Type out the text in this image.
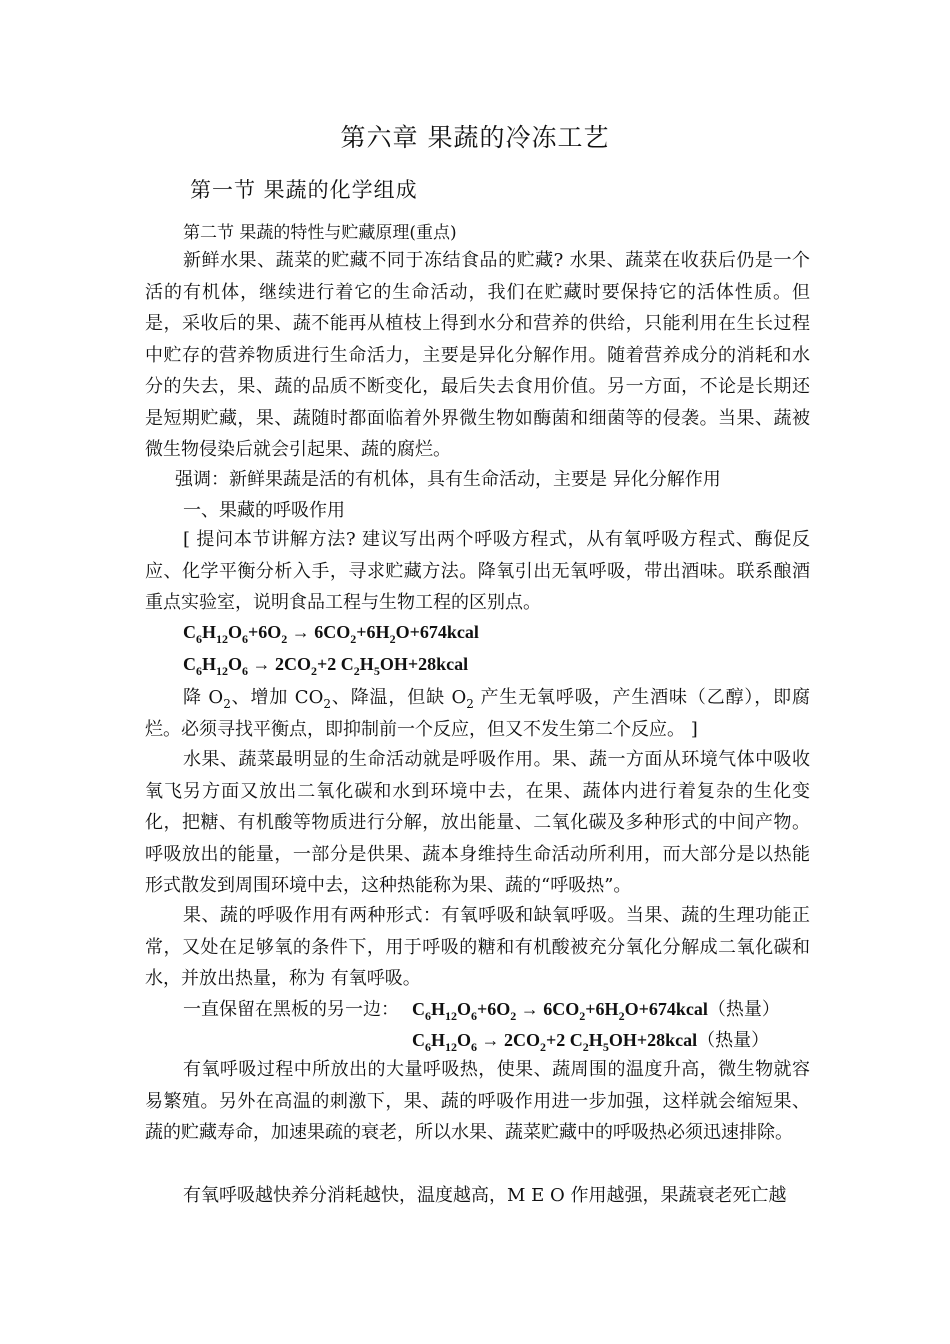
第六章 果蔬的冷冻工艺
第一节 果蔬的化学组成
第二节 果蔬的特性与贮藏原理(重点)

新鲜水果、蔬菜的贮藏不同于冻结食品的贮藏? 水果、蔬菜在收获后仍是一个活的有机体，继续进行着它的生命活动，我们在贮藏时要保持它的活体性质。但是，采收后的果、蔬不能再从植枝上得到水分和营养的供给，只能利用在生长过程中贮存的营养物质进行生命活力，主要是异化分解作用。随着营养成分的消耗和水分的失去，果、蔬的品质不断变化，最后失去食用价值。另一方面，不论是长期还是短期贮藏，果、蔬随时都面临着外界微生物如酶菌和细菌等的侵袭。当果、蔬被微生物侵染后就会引起果、蔬的腐烂。

强调：新鲜果蔬是活的有机体，具有生命活动，主要是 异化分解作用
一、果藏的呼吸作用

[ 提问本节讲解方法? 建议写出两个呼吸方程式，从有氧呼吸方程式、酶促反应、化学平衡分析入手，寻求贮藏方法。降氧引出无氧呼吸，带出酒味。联系酿酒重点实验室，说明食品工程与生物工程的区别点。

$C_6H_{12}O_6+6O_2$ → $6CO_2+6H_2O+674kcal$
$C_6H_{12}O_6 \to 2CO_2+2$ $C_2H_5OH+28kcal$

降 $O_2$、增加 $CO_2$、降温，但缺 $O_2$ 产生无氧呼吸，产生酒味（乙醇），即腐烂。必须寻找平衡点，即抑制前一个反应，但又不发生第二个反应。 ]

水果、蔬菜最明显的生命活动就是呼吸作用。果、蔬一方面从环境气体中吸收氧飞另方面又放出二氧化碳和水到环境中去，在果、蔬体内进行着复杂的生化变化，把糖、有机酸等物质进行分解，放出能量、二氧化碳及多种形式的中间产物。呼吸放出的能量，一部分是供果、蔬本身维持生命活动所利用，而大部分是以热能形式散发到周围环境中去，这种热能称为果、蔬的“呼吸热”。

果、蔬的呼吸作用有两种形式：有氧呼吸和缺氧呼吸。当果、蔬的生理功能正常，又处在足够氧的条件下，用于呼吸的糖和有机酸被充分氧化分解成二氧化碳和水，并放出热量，称为 有氧呼吸。

一直保留在黑板的另一边： $C_6H_{12}O_6+6O_2$ → $6CO_2+6H_2O+674kcal$（热量）
$C_6H_{12}O_6 \to 2CO_2+2$ $C_2H_5OH+28kcal$（热量）

有氧呼吸过程中所放出的大量呼吸热，使果、蔬周围的温度升高，微生物就容易繁殖。另外在高温的刺激下，果、蔬的呼吸作用进一步加强，这样就会缩短果、蔬的贮藏寿命，加速果疏的衰老，所以水果、蔬菜贮藏中的呼吸热必须迅速排除。

有氧呼吸越快养分消耗越快，温度越高，M E O 作用越强，果蔬衰老死亡越
